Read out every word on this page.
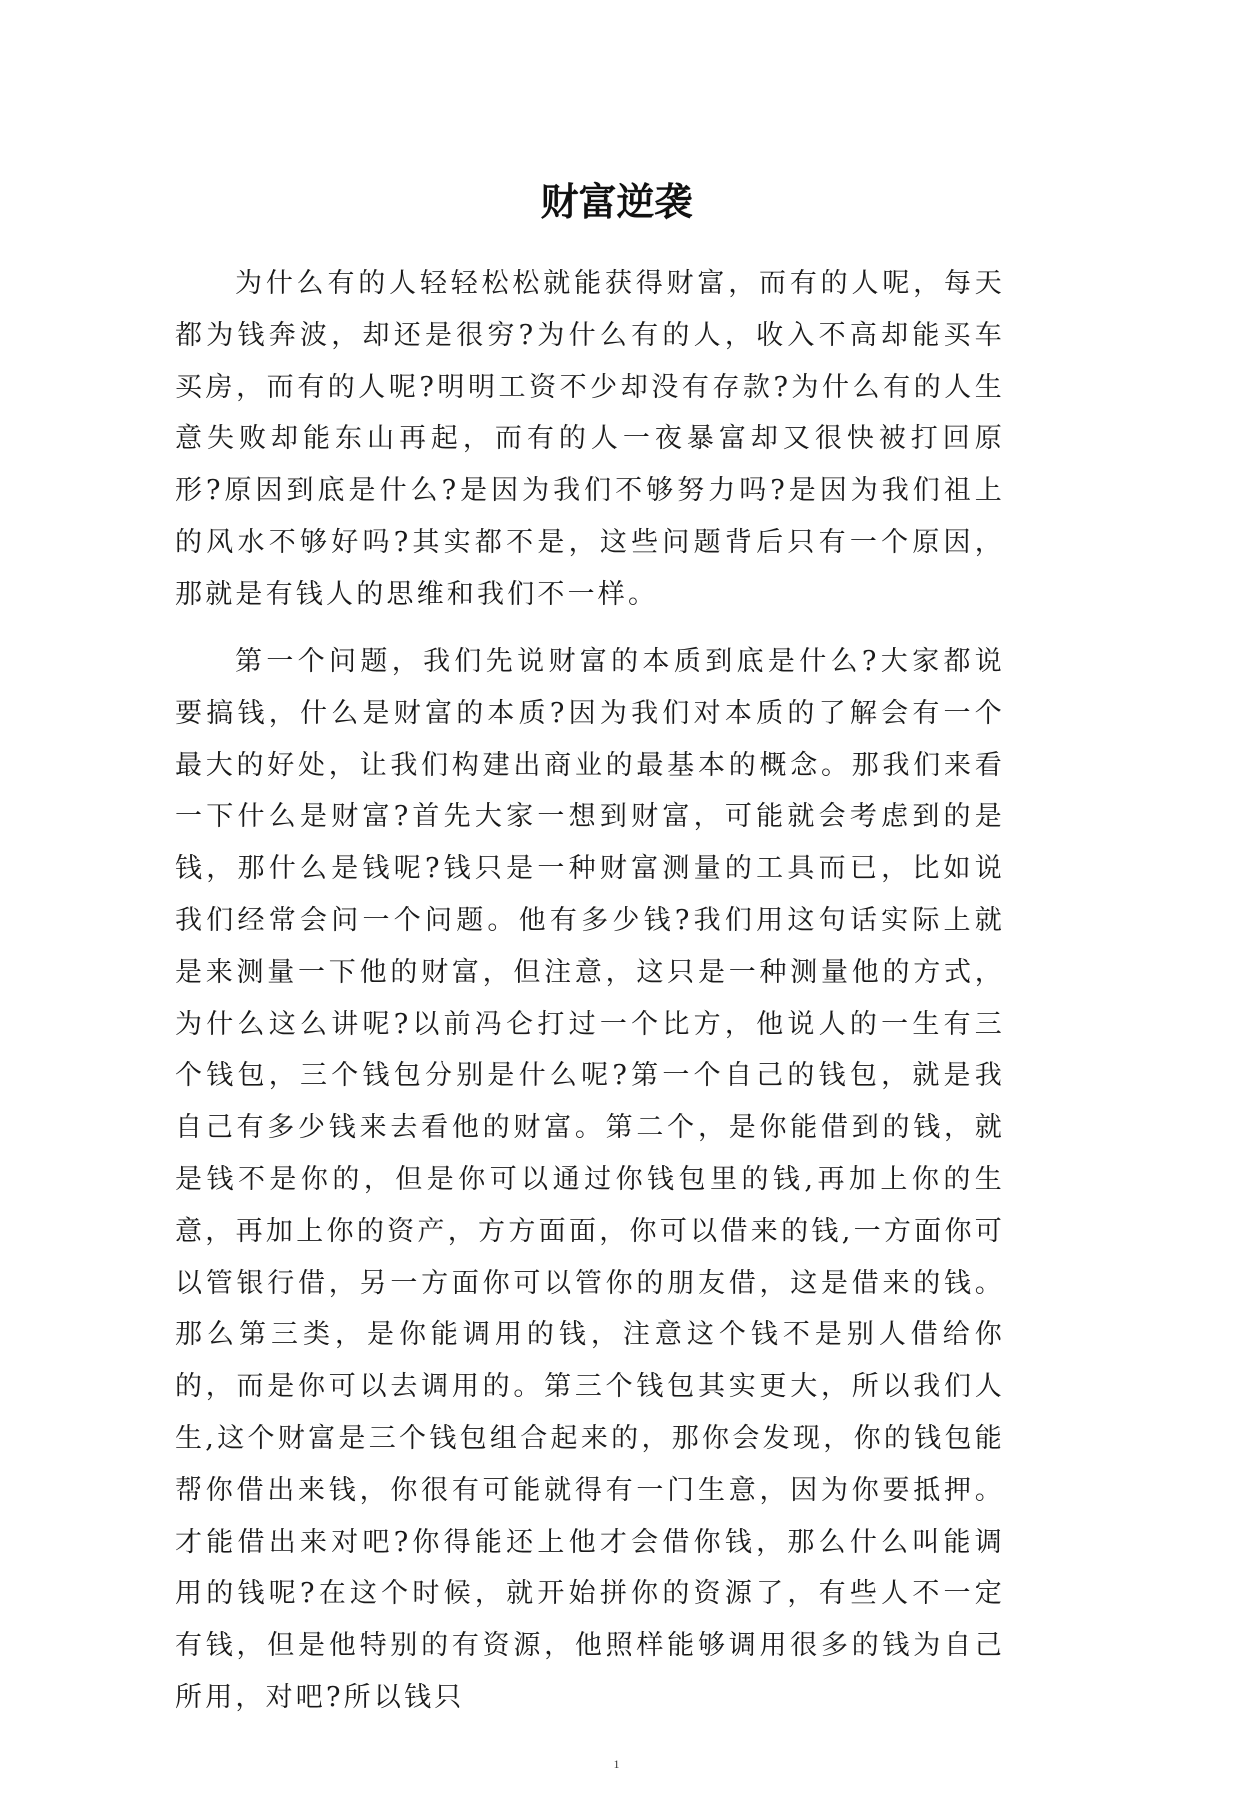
财富逆袭

为什么有的人轻轻松松就能获得财富，而有的人呢，每天都为钱奔波，却还是很穷?为什么有的人，收入不高却能买车买房，而有的人呢?明明工资不少却没有存款?为什么有的人生意失败却能东山再起，而有的人一夜暴富却又很快被打回原形?原因到底是什么?是因为我们不够努力吗?是因为我们祖上的风水不够好吗?其实都不是，这些问题背后只有一个原因，那就是有钱人的思维和我们不一样。

第一个问题，我们先说财富的本质到底是什么?大家都说要搞钱，什么是财富的本质?因为我们对本质的了解会有一个最大的好处，让我们构建出商业的最基本的概念。那我们来看一下什么是财富?首先大家一想到财富，可能就会考虑到的是钱，那什么是钱呢?钱只是一种财富测量的工具而已，比如说我们经常会问一个问题。他有多少钱?我们用这句话实际上就是来测量一下他的财富，但注意，这只是一种测量他的方式，为什么这么讲呢?以前冯仑打过一个比方，他说人的一生有三个钱包，三个钱包分别是什么呢?第一个自己的钱包，就是我自己有多少钱来去看他的财富。第二个，是你能借到的钱，就是钱不是你的，但是你可以通过你钱包里的钱,再加上你的生意，再加上你的资产，方方面面，你可以借来的钱,一方面你可以管银行借，另一方面你可以管你的朋友借，这是借来的钱。那么第三类，是你能调用的钱，注意这个钱不是别人借给你的，而是你可以去调用的。第三个钱包其实更大，所以我们人生,这个财富是三个钱包组合起来的，那你会发现，你的钱包能帮你借出来钱，你很有可能就得有一门生意，因为你要抵押。才能借出来对吧?你得能还上他才会借你钱，那么什么叫能调用的钱呢?在这个时候，就开始拼你的资源了，有些人不一定有钱，但是他特别的有资源，他照样能够调用很多的钱为自己所用，对吧?所以钱只

1
